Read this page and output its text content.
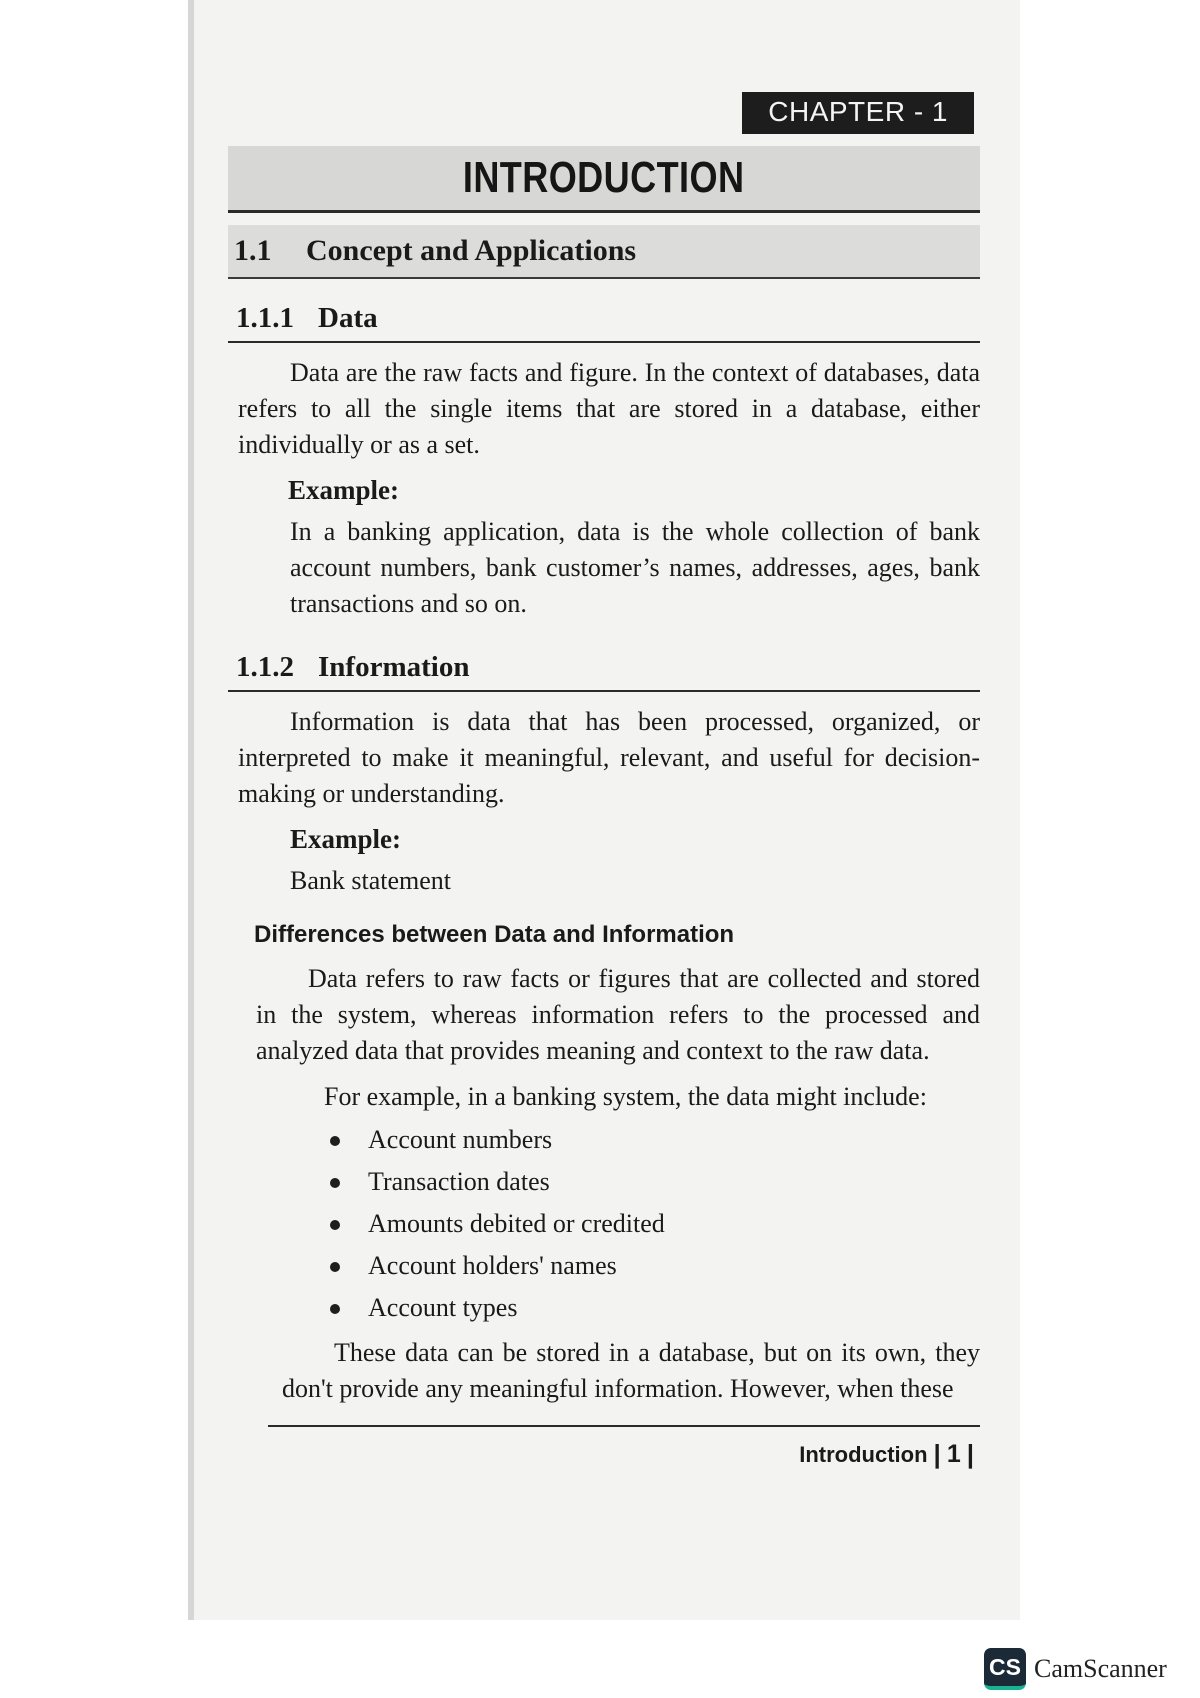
CHAPTER - 1
INTRODUCTION
1.1	Concept and Applications
1.1.1 Data

Data are the raw facts and figure. In the context of databases, data refers to all the single items that are stored in a database, either individually or as a set.

Example:

In a banking application, data is the whole collection of bank account numbers, bank customer’s names, addresses, ages, bank transactions and so on.

1.1.2 Information

Information is data that has been processed, organized, or interpreted to make it meaningful, relevant, and useful for decision-making or understanding.

Example:

Bank statement

Differences between Data and Information

Data refers to raw facts or figures that are collected and stored in the system, whereas information refers to the processed and analyzed data that provides meaning and context to the raw data.

For example, in a banking system, the data might include:

Account numbers
Transaction dates
Amounts debited or credited
Account holders' names
Account types

These data can be stored in a database, but on its own, they don't provide any meaningful information. However, when these

Introduction | 1 |
CS CamScanner
